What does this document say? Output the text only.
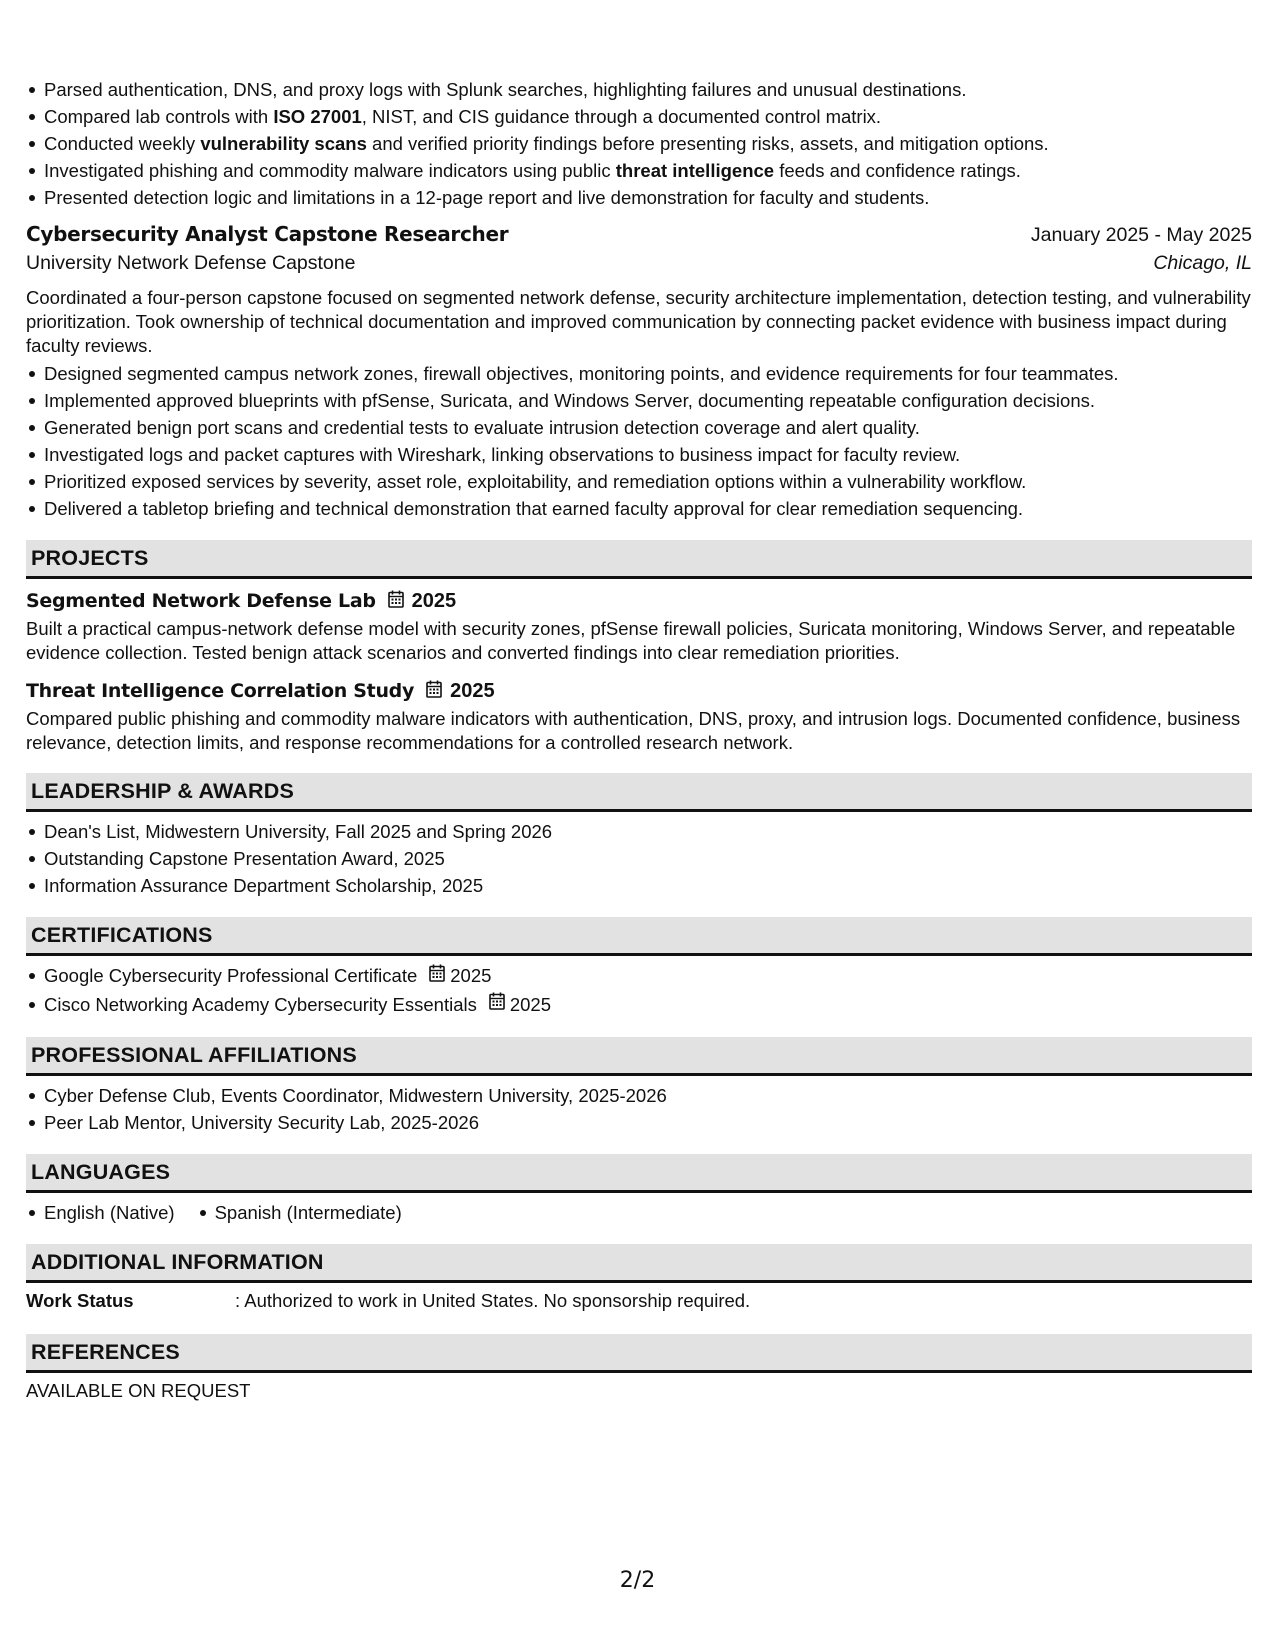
Parsed authentication, DNS, and proxy logs with Splunk searches, highlighting failures and unusual destinations.
Compared lab controls with ISO 27001, NIST, and CIS guidance through a documented control matrix.
Conducted weekly vulnerability scans and verified priority findings before presenting risks, assets, and mitigation options.
Investigated phishing and commodity malware indicators using public threat intelligence feeds and confidence ratings.
Presented detection logic and limitations in a 12-page report and live demonstration for faculty and students.
Cybersecurity Analyst Capstone Researcher	January 2025 - May 2025
University Network Defense Capstone	Chicago, IL

Coordinated a four-person capstone focused on segmented network defense, security architecture implementation, detection testing, and vulnerability prioritization. Took ownership of technical documentation and improved communication by connecting packet evidence with business impact during faculty reviews.

Designed segmented campus network zones, firewall objectives, monitoring points, and evidence requirements for four teammates.
Implemented approved blueprints with pfSense, Suricata, and Windows Server, documenting repeatable configuration decisions.
Generated benign port scans and credential tests to evaluate intrusion detection coverage and alert quality.
Investigated logs and packet captures with Wireshark, linking observations to business impact for faculty review.
Prioritized exposed services by severity, asset role, exploitability, and remediation options within a vulnerability workflow.
Delivered a tabletop briefing and technical demonstration that earned faculty approval for clear remediation sequencing.
PROJECTS
Segmented Network Defense Lab 2025

Built a practical campus-network defense model with security zones, pfSense firewall policies, Suricata monitoring, Windows Server, and repeatable evidence collection. Tested benign attack scenarios and converted findings into clear remediation priorities.

Threat Intelligence Correlation Study 2025

Compared public phishing and commodity malware indicators with authentication, DNS, proxy, and intrusion logs. Documented confidence, business relevance, detection limits, and response recommendations for a controlled research network.

LEADERSHIP & AWARDS
Dean's List, Midwestern University, Fall 2025 and Spring 2026
Outstanding Capstone Presentation Award, 2025
Information Assurance Department Scholarship, 2025
CERTIFICATIONS
Google Cybersecurity Professional Certificate 2025
Cisco Networking Academy Cybersecurity Essentials 2025
PROFESSIONAL AFFILIATIONS
Cyber Defense Club, Events Coordinator, Midwestern University, 2025-2026
Peer Lab Mentor, University Security Lab, 2025-2026
LANGUAGES
English (Native)	Spanish (Intermediate)
ADDITIONAL INFORMATION
Work Status	: Authorized to work in United States. No sponsorship required.
REFERENCES

AVAILABLE ON REQUEST

2/2
